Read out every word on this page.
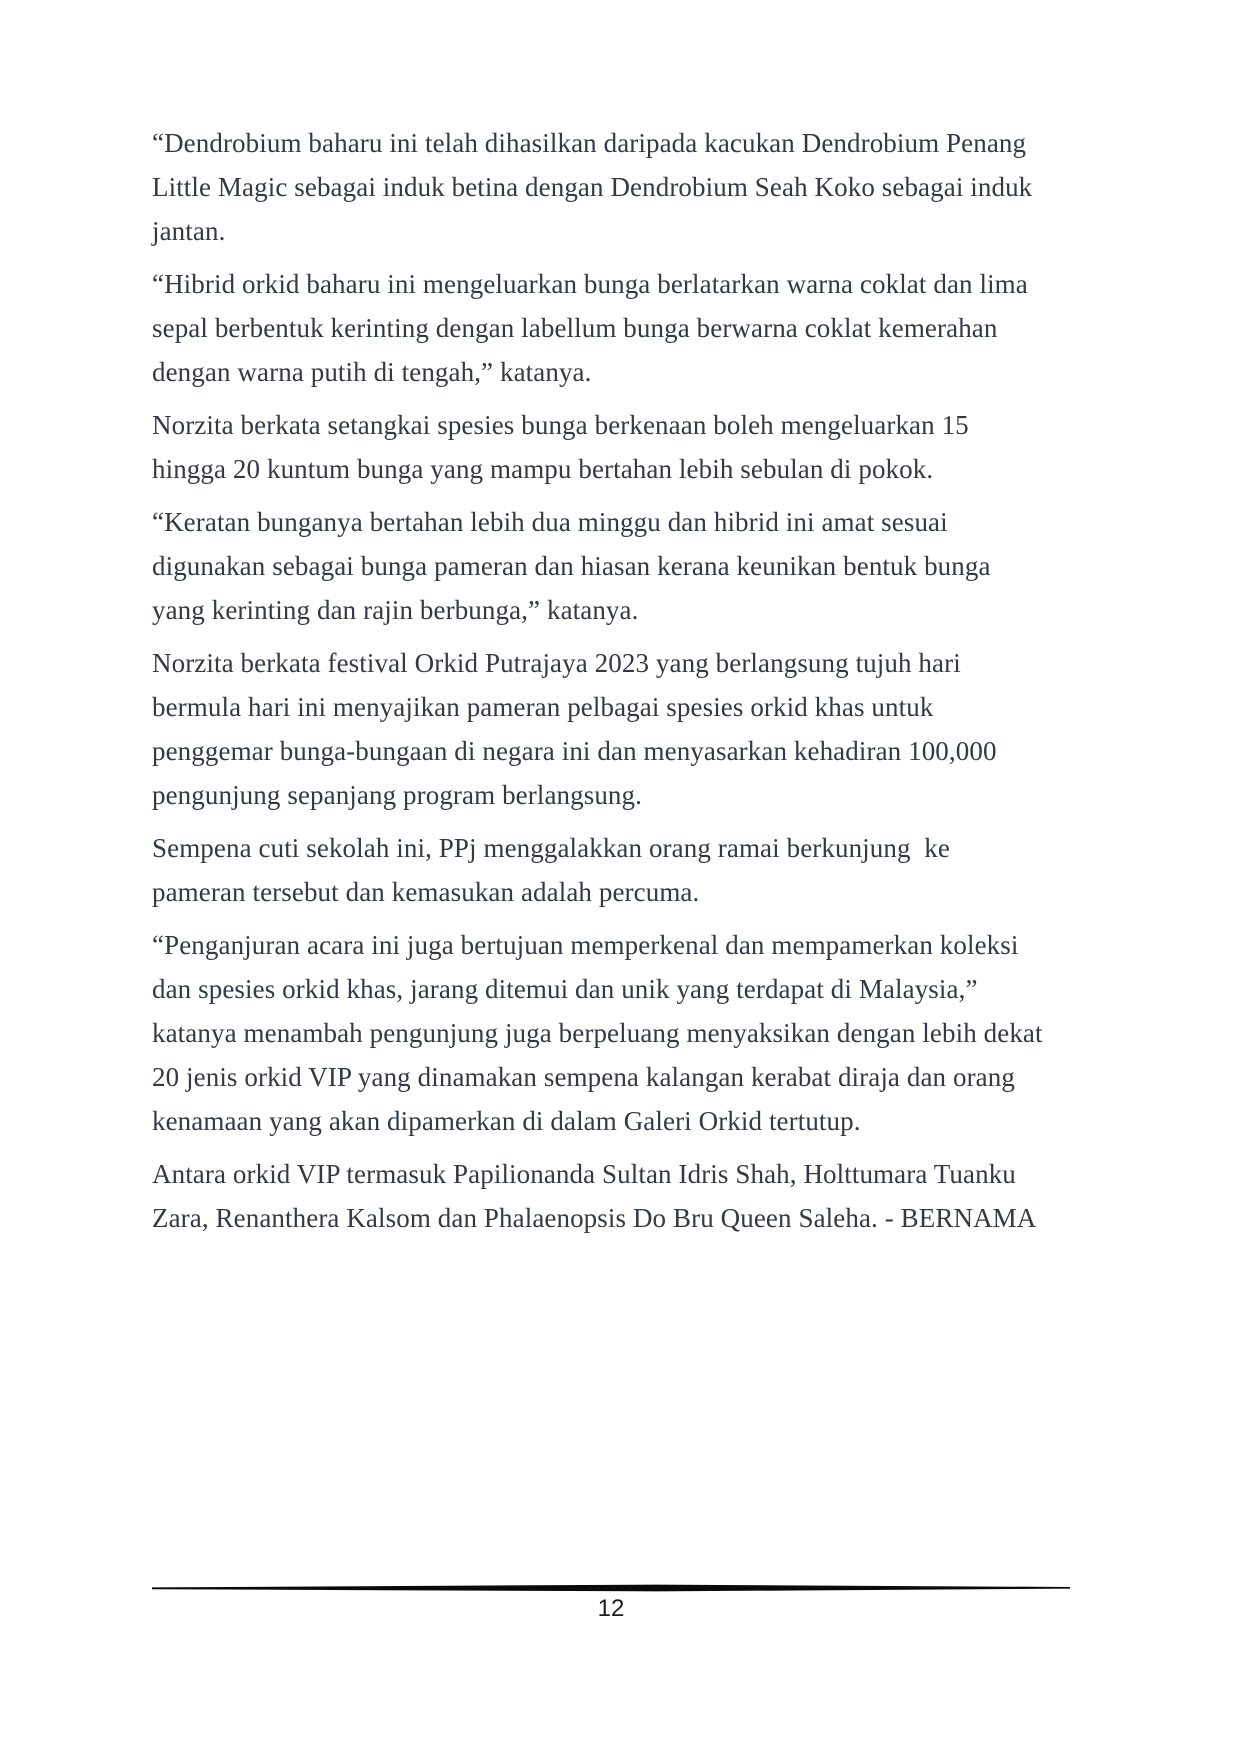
“Dendrobium baharu ini telah dihasilkan daripada kacukan Dendrobium Penang Little Magic sebagai induk betina dengan Dendrobium Seah Koko sebagai induk jantan.

“Hibrid orkid baharu ini mengeluarkan bunga berlatarkan warna coklat dan lima sepal berbentuk kerinting dengan labellum bunga berwarna coklat kemerahan dengan warna putih di tengah,” katanya.

Norzita berkata setangkai spesies bunga berkenaan boleh mengeluarkan 15 hingga 20 kuntum bunga yang mampu bertahan lebih sebulan di pokok.

“Keratan bunganya bertahan lebih dua minggu dan hibrid ini amat sesuai digunakan sebagai bunga pameran dan hiasan kerana keunikan bentuk bunga yang kerinting dan rajin berbunga,” katanya.

Norzita berkata festival Orkid Putrajaya 2023 yang berlangsung tujuh hari bermula hari ini menyajikan pameran pelbagai spesies orkid khas untuk penggemar bunga-bungaan di negara ini dan menyasarkan kehadiran 100,000 pengunjung sepanjang program berlangsung.

Sempena cuti sekolah ini, PPj menggalakkan orang ramai berkunjung  ke pameran tersebut dan kemasukan adalah percuma.

“Penganjuran acara ini juga bertujuan memperkenal dan mempamerkan koleksi dan spesies orkid khas, jarang ditemui dan unik yang terdapat di Malaysia,” katanya menambah pengunjung juga berpeluang menyaksikan dengan lebih dekat 20 jenis orkid VIP yang dinamakan sempena kalangan kerabat diraja dan orang kenamaan yang akan dipamerkan di dalam Galeri Orkid tertutup.

Antara orkid VIP termasuk Papilionanda Sultan Idris Shah, Holttumara Tuanku Zara, Renanthera Kalsom dan Phalaenopsis Do Bru Queen Saleha. - BERNAMA

12
